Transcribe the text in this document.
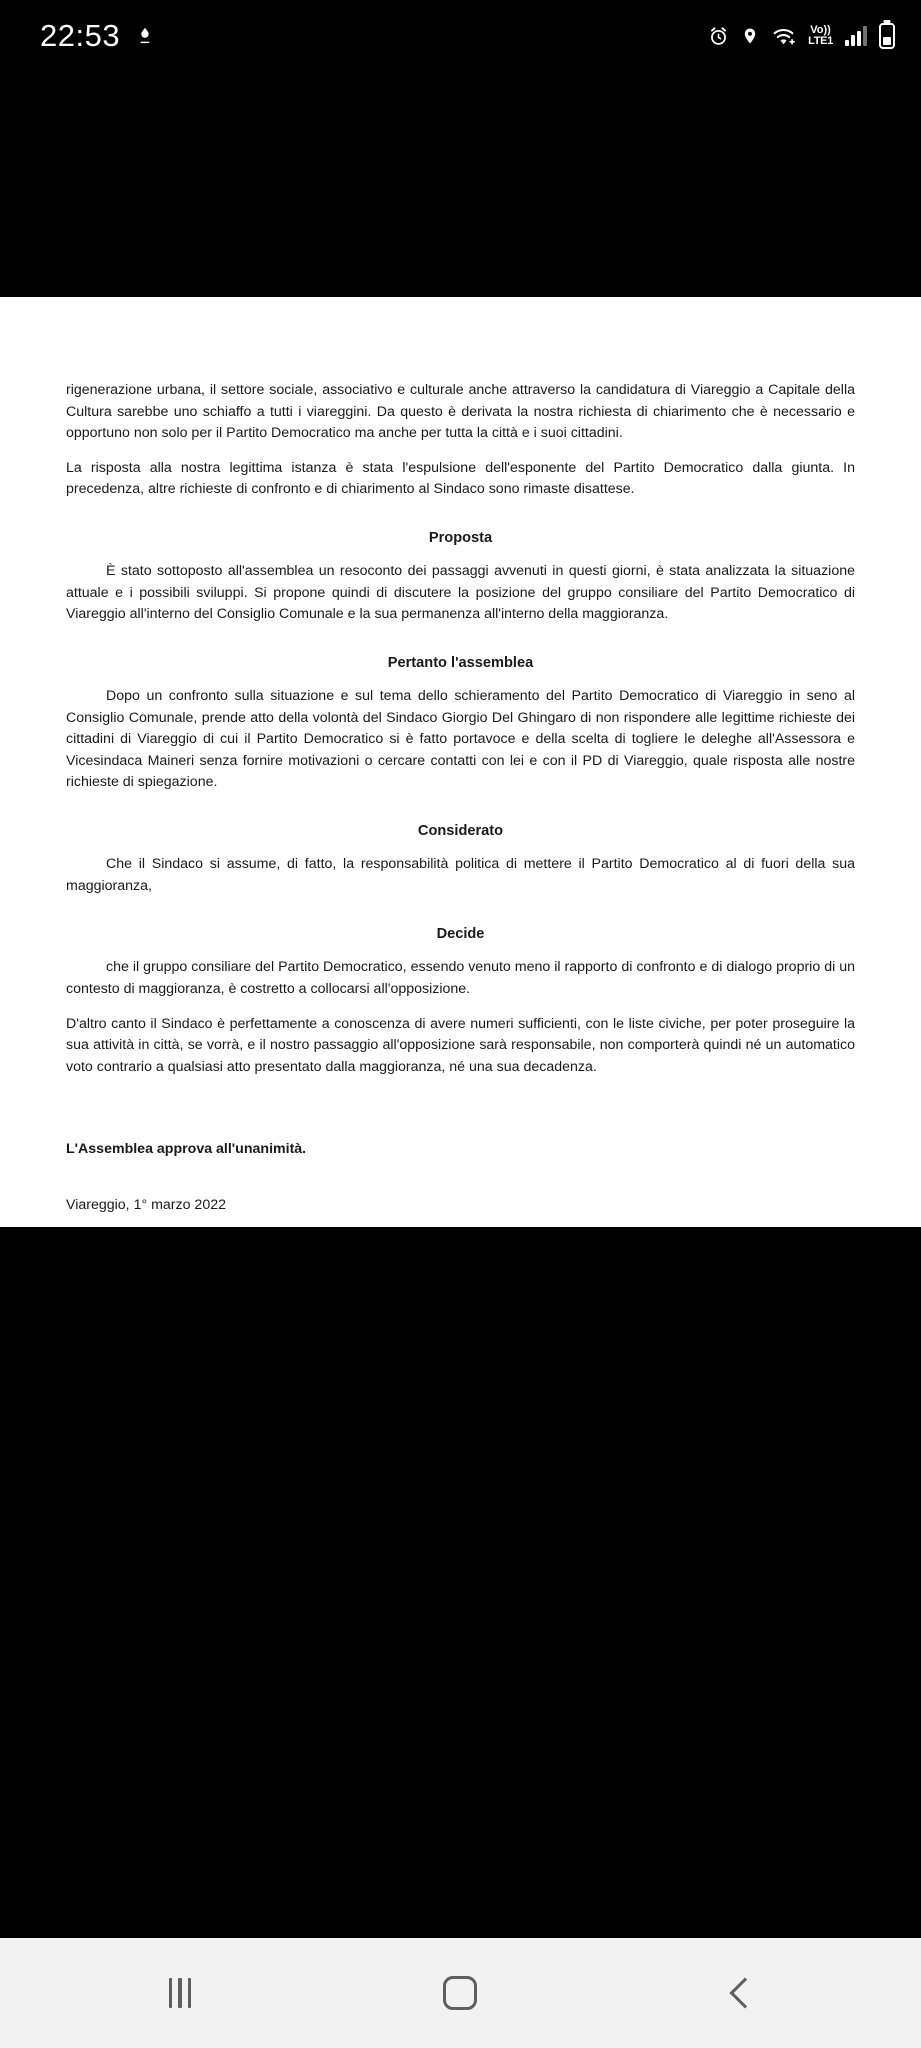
22:53	Vo))
LTE1

rigenerazione urbana, il settore sociale, associativo e culturale anche attraverso la candidatura di Viareggio a Capitale della Cultura sarebbe uno schiaffo a tutti i viareggini. Da questo è derivata la nostra richiesta di chiarimento che è necessario e opportuno non solo per il Partito Democratico ma anche per tutta la città e i suoi cittadini.

La risposta alla nostra legittima istanza è stata l'espulsione dell'esponente del Partito Democratico dalla giunta. In precedenza, altre richieste di confronto e di chiarimento al Sindaco sono rimaste disattese.

Proposta

È stato sottoposto all'assemblea un resoconto dei passaggi avvenuti in questi giorni, è stata analizzata la situazione attuale e i possibili sviluppi. Si propone quindi di discutere la posizione del gruppo consiliare del Partito Democratico di Viareggio all'interno del Consiglio Comunale e la sua permanenza all'interno della maggioranza.

Pertanto l'assemblea

Dopo un confronto sulla situazione e sul tema dello schieramento del Partito Democratico di Viareggio in seno al Consiglio Comunale, prende atto della volontà del Sindaco Giorgio Del Ghingaro di non rispondere alle legittime richieste dei cittadini di Viareggio di cui il Partito Democratico si è fatto portavoce e della scelta di togliere le deleghe all'Assessora e Vicesindaca Maineri senza fornire motivazioni o cercare contatti con lei e con il PD di Viareggio, quale risposta alle nostre richieste di spiegazione.

Considerato

Che il Sindaco si assume, di fatto, la responsabilità politica di mettere il Partito Democratico al di fuori della sua maggioranza,

Decide

che il gruppo consiliare del Partito Democratico, essendo venuto meno il rapporto di confronto e di dialogo proprio di un contesto di maggioranza, è costretto a collocarsi all'opposizione.

D'altro canto il Sindaco è perfettamente a conoscenza di avere numeri sufficienti, con le liste civiche, per poter proseguire la sua attività in città, se vorrà, e il nostro passaggio all'opposizione sarà responsabile, non comporterà quindi né un automatico voto contrario a qualsiasi atto presentato dalla maggioranza, né una sua decadenza.

L'Assemblea approva all'unanimità.
Viareggio, 1° marzo 2022
